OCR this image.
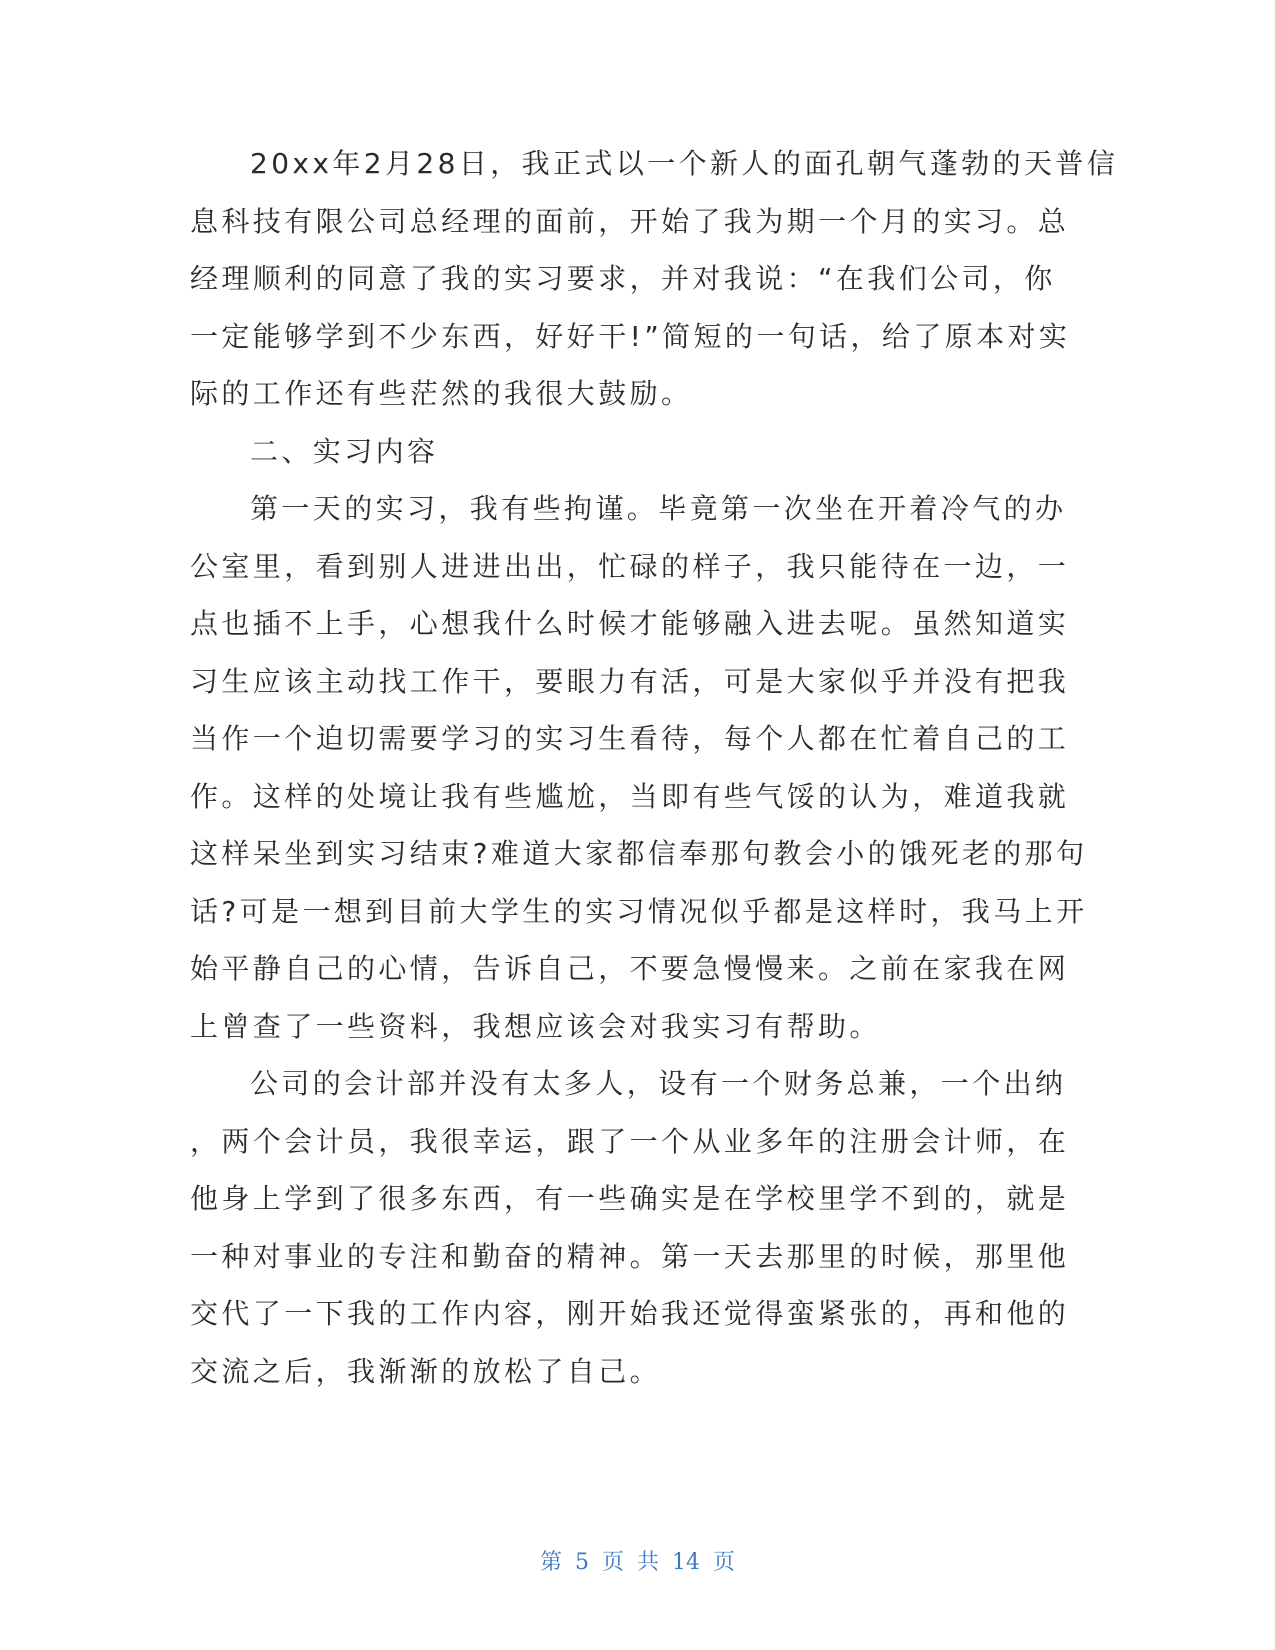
20xx年2月28日，我正式以一个新人的面孔朝气蓬勃的天普信
息科技有限公司总经理的面前，开始了我为期一个月的实习。总
经理顺利的同意了我的实习要求，并对我说：“在我们公司，你
一定能够学到不少东西，好好干!”简短的一句话，给了原本对实
际的工作还有些茫然的我很大鼓励。
二、实习内容
第一天的实习，我有些拘谨。毕竟第一次坐在开着冷气的办
公室里，看到别人进进出出，忙碌的样子，我只能待在一边，一
点也插不上手，心想我什么时候才能够融入进去呢。虽然知道实
习生应该主动找工作干，要眼力有活，可是大家似乎并没有把我
当作一个迫切需要学习的实习生看待，每个人都在忙着自己的工
作。这样的处境让我有些尴尬，当即有些气馁的认为，难道我就
这样呆坐到实习结束?难道大家都信奉那句教会小的饿死老的那句
话?可是一想到目前大学生的实习情况似乎都是这样时，我马上开
始平静自己的心情，告诉自己，不要急慢慢来。之前在家我在网
上曾查了一些资料，我想应该会对我实习有帮助。
公司的会计部并没有太多人，设有一个财务总兼，一个出纳
，两个会计员，我很幸运，跟了一个从业多年的注册会计师，在
他身上学到了很多东西，有一些确实是在学校里学不到的，就是
一种对事业的专注和勤奋的精神。第一天去那里的时候，那里他
交代了一下我的工作内容，刚开始我还觉得蛮紧张的，再和他的
交流之后，我渐渐的放松了自己。
第 5 页 共 14 页
